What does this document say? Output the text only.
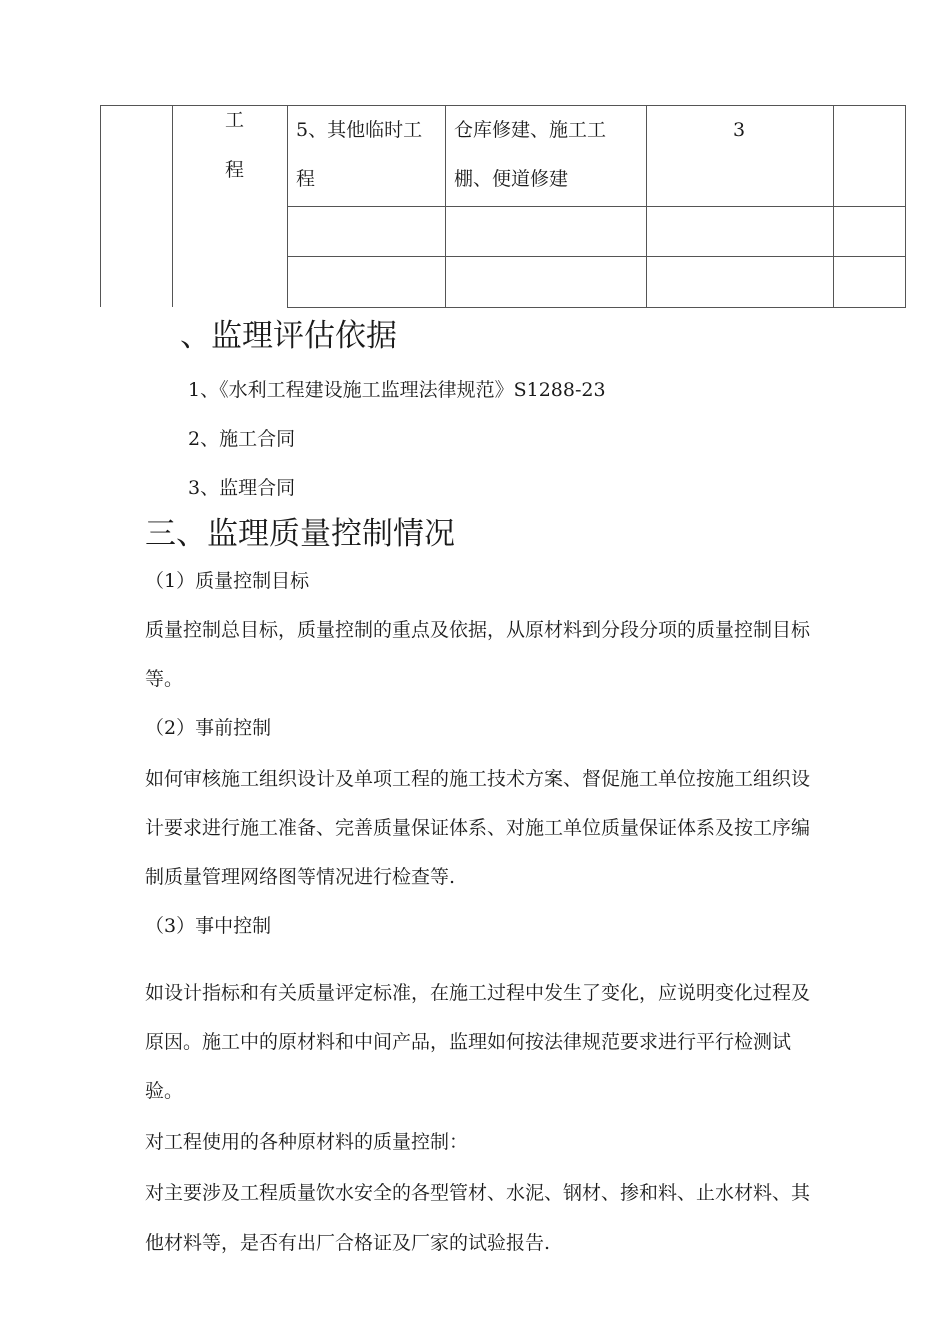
工
程
5、其他临时工
程
仓库修建、施工工
棚、便道修建
3
、监理评估依据
1、《水利工程建设施工监理法律规范》S1288-23
2、施工合同
3、监理合同
三、监理质量控制情况
（1）质量控制目标
质量控制总目标，质量控制的重点及依据，从原材料到分段分项的质量控制目标
等。
（2）事前控制
如何审核施工组织设计及单项工程的施工技术方案、督促施工单位按施工组织设
计要求进行施工准备、完善质量保证体系、对施工单位质量保证体系及按工序编
制质量管理网络图等情况进行检查等.
（3）事中控制
如设计指标和有关质量评定标准，在施工过程中发生了变化，应说明变化过程及
原因。施工中的原材料和中间产品，监理如何按法律规范要求进行平行检测试
验。
对工程使用的各种原材料的质量控制：
对主要涉及工程质量饮水安全的各型管材、水泥、钢材、掺和料、止水材料、其
他材料等，是否有出厂合格证及厂家的试验报告.
